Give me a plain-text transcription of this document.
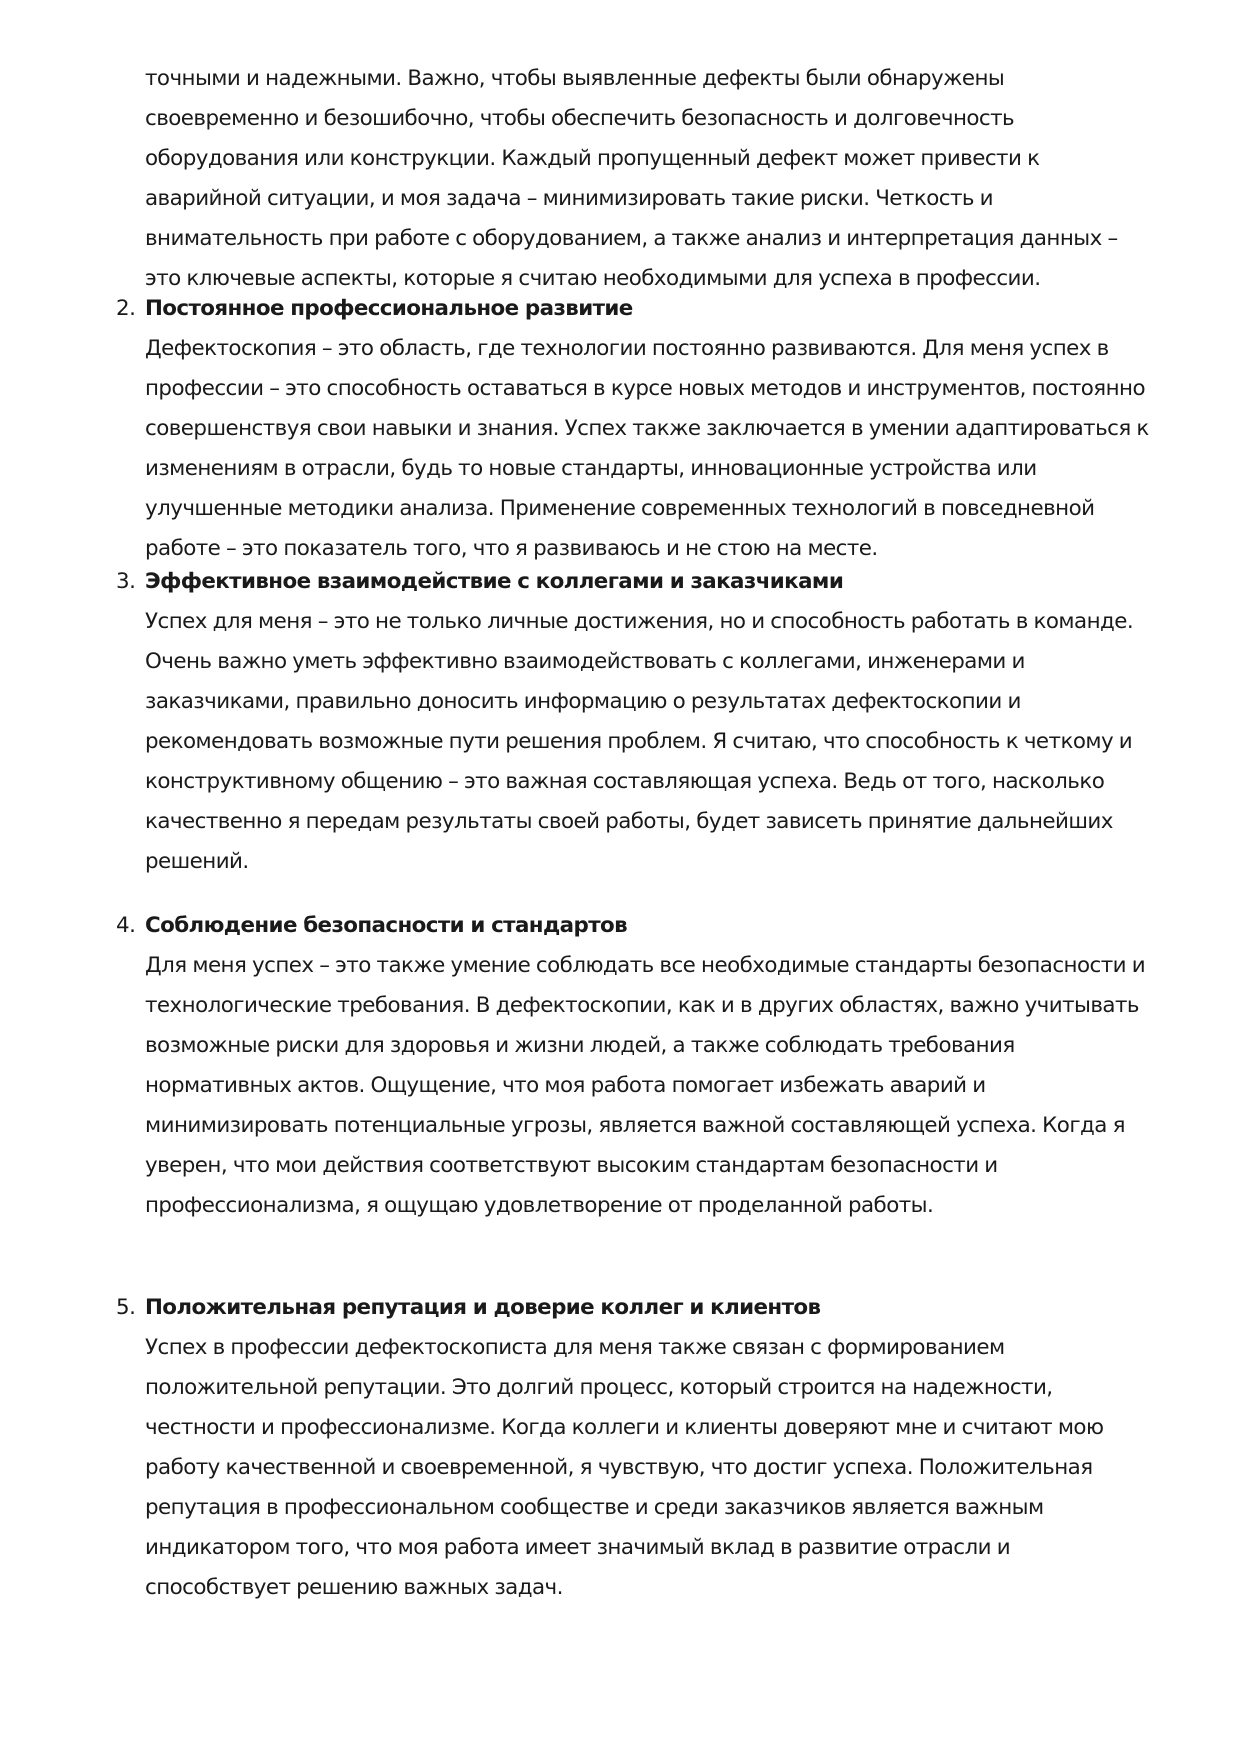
точными и надежными. Важно, чтобы выявленные дефекты были обнаружены своевременно и безошибочно, чтобы обеспечить безопасность и долговечность оборудования или конструкции. Каждый пропущенный дефект может привести к аварийной ситуации, и моя задача – минимизировать такие риски. Четкость и внимательность при работе с оборудованием, а также анализ и интерпретация данных – это ключевые аспекты, которые я считаю необходимыми для успеха в профессии.
2. Постоянное профессиональное развитие
Дефектоскопия – это область, где технологии постоянно развиваются. Для меня успех в профессии – это способность оставаться в курсе новых методов и инструментов, постоянно совершенствуя свои навыки и знания. Успех также заключается в умении адаптироваться к изменениям в отрасли, будь то новые стандарты, инновационные устройства или улучшенные методики анализа. Применение современных технологий в повседневной работе – это показатель того, что я развиваюсь и не стою на месте.
3. Эффективное взаимодействие с коллегами и заказчиками
Успех для меня – это не только личные достижения, но и способность работать в команде. Очень важно уметь эффективно взаимодействовать с коллегами, инженерами и заказчиками, правильно доносить информацию о результатах дефектоскопии и рекомендовать возможные пути решения проблем. Я считаю, что способность к четкому и конструктивному общению – это важная составляющая успеха. Ведь от того, насколько качественно я передам результаты своей работы, будет зависеть принятие дальнейших решений.
4. Соблюдение безопасности и стандартов
Для меня успех – это также умение соблюдать все необходимые стандарты безопасности и технологические требования. В дефектоскопии, как и в других областях, важно учитывать возможные риски для здоровья и жизни людей, а также соблюдать требования нормативных актов. Ощущение, что моя работа помогает избежать аварий и минимизировать потенциальные угрозы, является важной составляющей успеха. Когда я уверен, что мои действия соответствуют высоким стандартам безопасности и профессионализма, я ощущаю удовлетворение от проделанной работы.
5. Положительная репутация и доверие коллег и клиентов
Успех в профессии дефектоскописта для меня также связан с формированием положительной репутации. Это долгий процесс, который строится на надежности, честности и профессионализме. Когда коллеги и клиенты доверяют мне и считают мою работу качественной и своевременной, я чувствую, что достиг успеха. Положительная репутация в профессиональном сообществе и среди заказчиков является важным индикатором того, что моя работа имеет значимый вклад в развитие отрасли и способствует решению важных задач.
